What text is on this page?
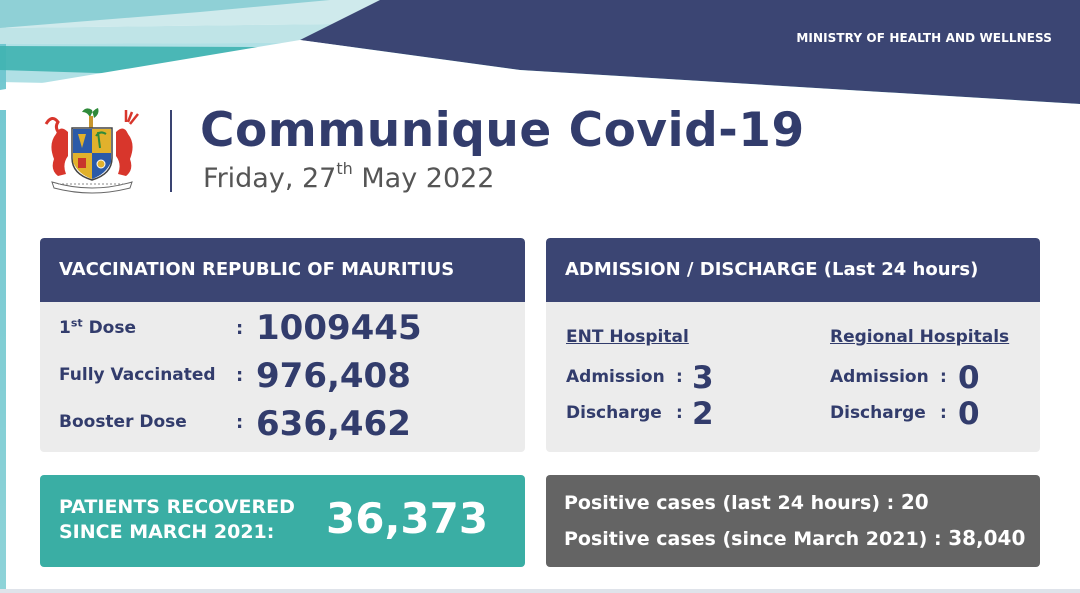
MINISTRY OF HEALTH AND WELLNESS
Communique Covid-19
Friday, 27th May 2022
VACCINATION REPUBLIC OF MAURITIUS
1st Dose	: 1009445
Fully Vaccinated : 976,408
Booster Dose	: 636,462
ADMISSION / DISCHARGE (Last 24 hours)
ENT Hospital
Admission : 3
Discharge : 2
Regional Hospitals
Admission : 0
Discharge : 0
PATIENTS RECOVERED
SINCE MARCH 2021:	36,373	Positive cases (last 24 hours) : 20
Positive cases (since March 2021) : 38,040
